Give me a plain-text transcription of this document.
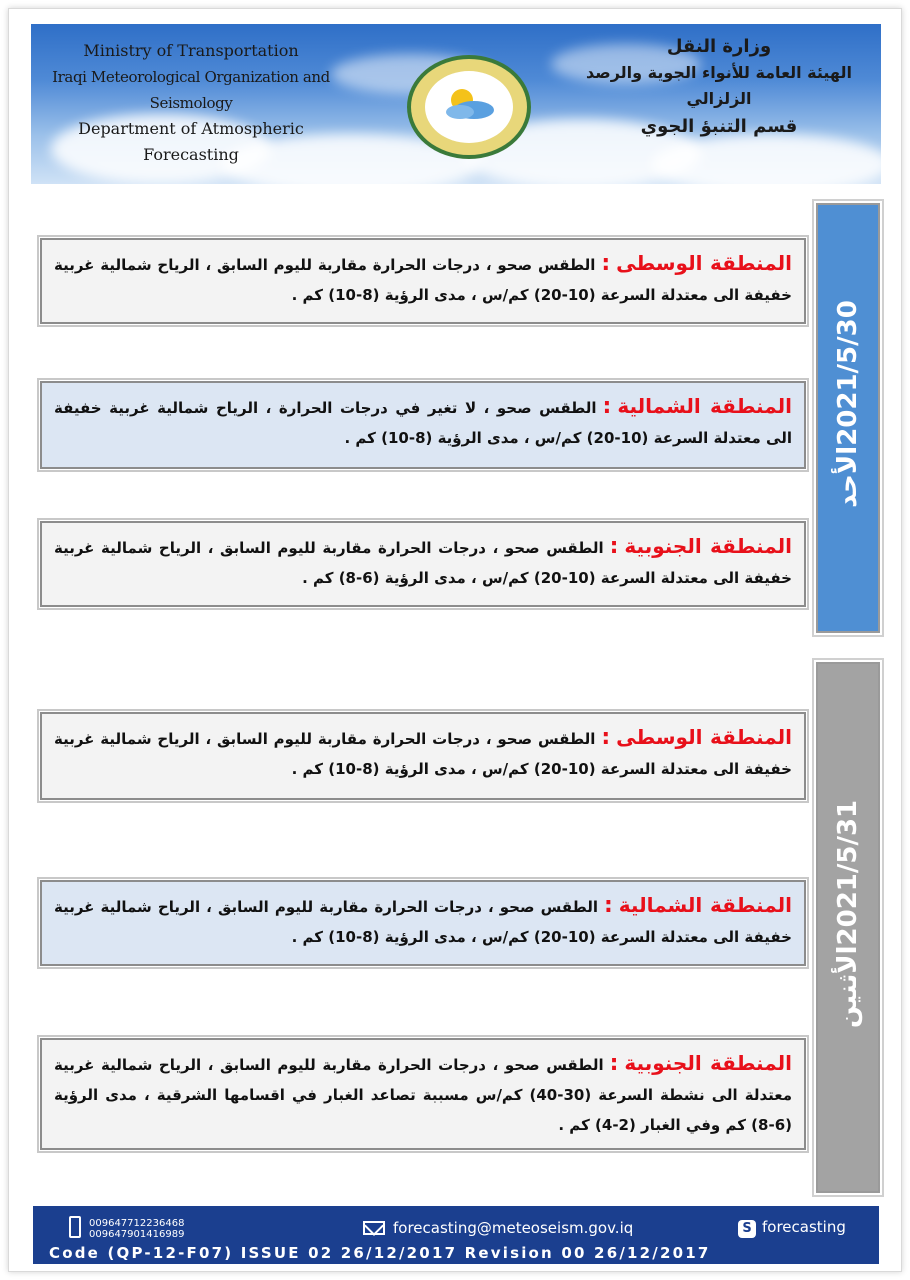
Ministry of Transportation
Iraqi Meteorological Organization and Seismology
Department of Atmospheric Forecasting
وزارة النقل
الهيئة العامة للأنواء الجوية والرصد الزلزالي
قسم التنبؤ الجوي
2021/5/30الأحد
2021/5/31الأثنين
المنطقة الوسطى:الطقس صحو ، درجات الحرارة مقاربة لليوم السابق ، الرياح شمالية غربية خفيفة الى معتدلة السرعة (10-20) كم/س ، مدى الرؤية (8-10) كم .
المنطقة الشمالية:الطقس صحو ، لا تغير في درجات الحرارة ، الرياح شمالية غربية خفيفة الى معتدلة السرعة (10-20) كم/س ، مدى الرؤية (8-10) كم .
المنطقة الجنوبية:الطقس صحو ، درجات الحرارة مقاربة لليوم السابق ، الرياح شمالية غربية خفيفة الى معتدلة السرعة (10-20) كم/س ، مدى الرؤية (6-8) كم .
المنطقة الوسطى:الطقس صحو ، درجات الحرارة مقاربة لليوم السابق ، الرياح شمالية غربية خفيفة الى معتدلة السرعة (10-20) كم/س ، مدى الرؤية (8-10) كم .
المنطقة الشمالية:الطقس صحو ، درجات الحرارة مقاربة لليوم السابق ، الرياح شمالية غربية خفيفة الى معتدلة السرعة (10-20) كم/س ، مدى الرؤية (8-10) كم .
المنطقة الجنوبية:الطقس صحو ، درجات الحرارة مقاربة لليوم السابق ، الرياح شمالية غربية معتدلة الى نشطة السرعة (30-40) كم/س مسببة تصاعد الغبار في اقسامها الشرقية ، مدى الرؤية (6-8) كم وفي الغبار (2-4) كم .
009647712236468
009647901416989	forecasting@meteoseism.gov.iq	S forecasting
Code (QP-12-F07) ISSUE 02 26/12/2017 Revision 00 26/12/2017
